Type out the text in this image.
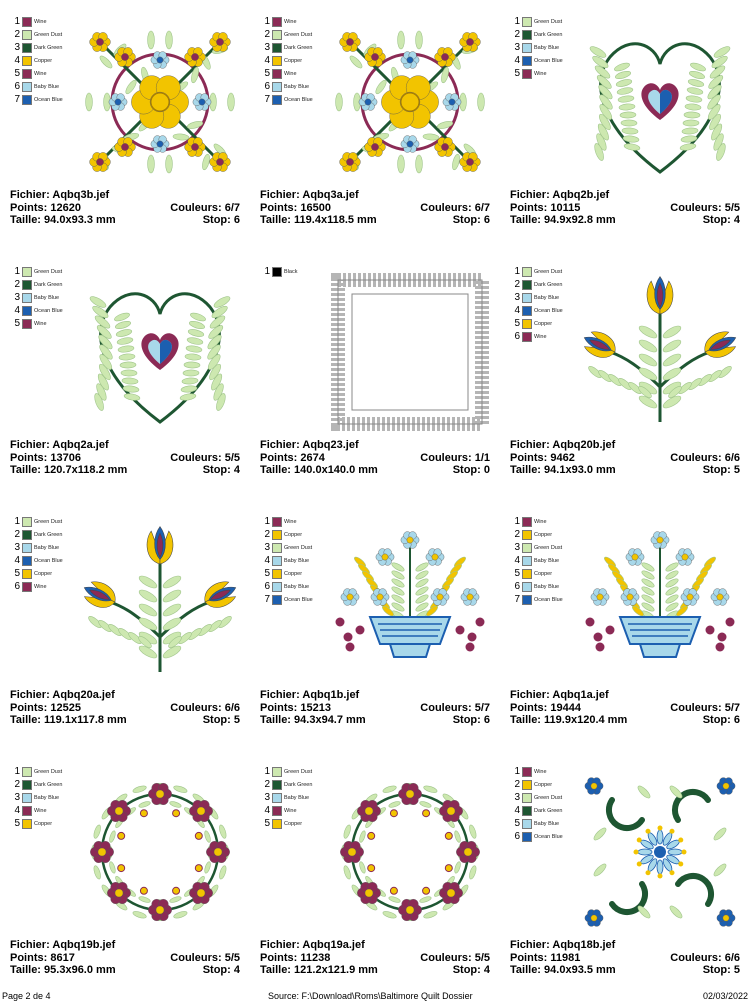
1	Wine
2	Green Dust
3	Dark Green
4	Copper
5	Wine
6	Baby Blue
7	Ocean Blue
Fichier: Aqbq3b.jef
Points: 12620	Couleurs: 6/7
Taille: 94.0x93.3 mm	Stop: 6
1	Wine
2	Green Dust
3	Dark Green
4	Copper
5	Wine
6	Baby Blue
7	Ocean Blue
Fichier: Aqbq3a.jef
Points: 16500	Couleurs: 6/7
Taille: 119.4x118.5 mm	Stop: 6
1	Green Dust
2	Dark Green
3	Baby Blue
4	Ocean Blue
5	Wine
Fichier: Aqbq2b.jef
Points: 10115	Couleurs: 5/5
Taille: 94.9x92.8 mm	Stop: 4
1	Green Dust
2	Dark Green
3	Baby Blue
4	Ocean Blue
5	Wine
Fichier: Aqbq2a.jef
Points: 13706	Couleurs: 5/5
Taille: 120.7x118.2 mm	Stop: 4
1	Black
Fichier: Aqbq23.jef
Points: 2674	Couleurs: 1/1
Taille: 140.0x140.0 mm	Stop: 0
1	Green Dust
2	Dark Green
3	Baby Blue
4	Ocean Blue
5	Copper
6	Wine
Fichier: Aqbq20b.jef
Points: 9462	Couleurs: 6/6
Taille: 94.1x93.0 mm	Stop: 5
1	Green Dust
2	Dark Green
3	Baby Blue
4	Ocean Blue
5	Copper
6	Wine
Fichier: Aqbq20a.jef
Points: 12525	Couleurs: 6/6
Taille: 119.1x117.8 mm	Stop: 5
1	Wine
2	Copper
3	Green Dust
4	Baby Blue
5	Copper
6	Baby Blue
7	Ocean Blue
Fichier: Aqbq1b.jef
Points: 15213	Couleurs: 5/7
Taille: 94.3x94.7 mm	Stop: 6
1	Wine
2	Copper
3	Green Dust
4	Baby Blue
5	Copper
6	Baby Blue
7	Ocean Blue
Fichier: Aqbq1a.jef
Points: 19444	Couleurs: 5/7
Taille: 119.9x120.4 mm	Stop: 6
1	Green Dust
2	Dark Green
3	Baby Blue
4	Wine
5	Copper
Fichier: Aqbq19b.jef
Points: 8617	Couleurs: 5/5
Taille: 95.3x96.0 mm	Stop: 4
1	Green Dust
2	Dark Green
3	Baby Blue
4	Wine
5	Copper
Fichier: Aqbq19a.jef
Points: 11238	Couleurs: 5/5
Taille: 121.2x121.9 mm	Stop: 4
1	Wine
2	Copper
3	Green Dust
4	Dark Green
5	Baby Blue
6	Ocean Blue
Fichier: Aqbq18b.jef
Points: 11981	Couleurs: 6/6
Taille: 94.0x93.5 mm	Stop: 5
Page 2 de 4	Source: F:\Download\Roms\Baltimore Quilt Dossier	02/03/2022
